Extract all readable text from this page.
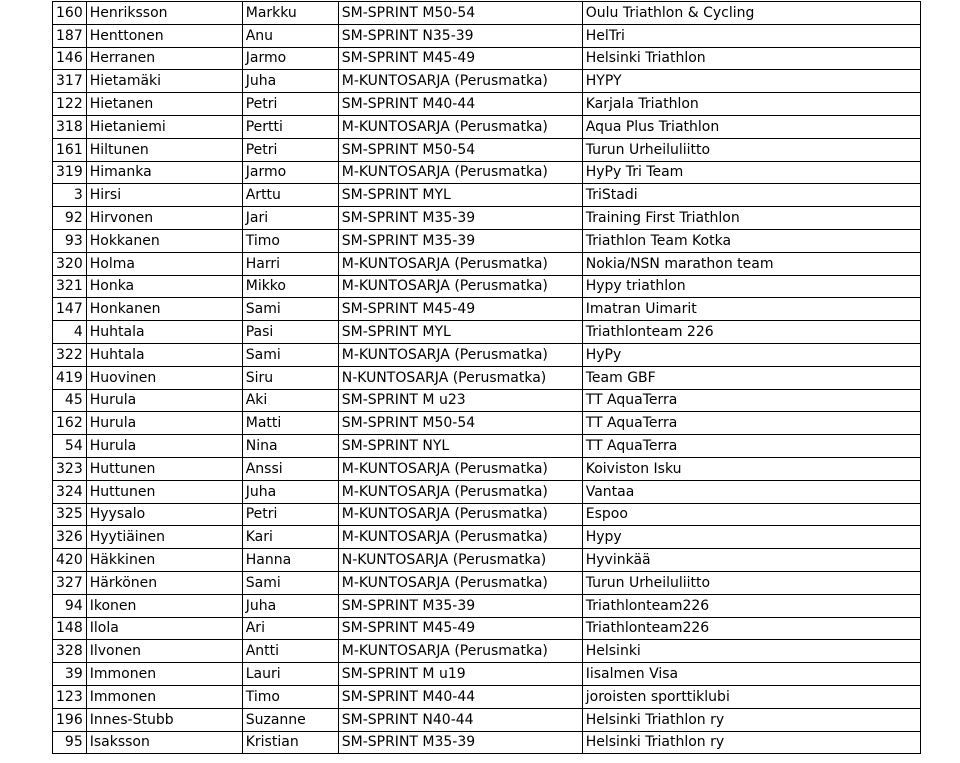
160	Henriksson	Markku	SM-SPRINT M50-54	Oulu Triathlon & Cycling
187	Henttonen	Anu	SM-SPRINT N35-39	HelTri
146	Herranen	Jarmo	SM-SPRINT M45-49	Helsinki Triathlon
317	Hietamäki	Juha	M-KUNTOSARJA (Perusmatka)	HYPY
122	Hietanen	Petri	SM-SPRINT M40-44	Karjala Triathlon
318	Hietaniemi	Pertti	M-KUNTOSARJA (Perusmatka)	Aqua Plus Triathlon
161	Hiltunen	Petri	SM-SPRINT M50-54	Turun Urheiluliitto
319	Himanka	Jarmo	M-KUNTOSARJA (Perusmatka)	HyPy Tri Team
3	Hirsi	Arttu	SM-SPRINT MYL	TriStadi
92	Hirvonen	Jari	SM-SPRINT M35-39	Training First Triathlon
93	Hokkanen	Timo	SM-SPRINT M35-39	Triathlon Team Kotka
320	Holma	Harri	M-KUNTOSARJA (Perusmatka)	Nokia/NSN marathon team
321	Honka	Mikko	M-KUNTOSARJA (Perusmatka)	Hypy triathlon
147	Honkanen	Sami	SM-SPRINT M45-49	Imatran Uimarit
4	Huhtala	Pasi	SM-SPRINT MYL	Triathlonteam 226
322	Huhtala	Sami	M-KUNTOSARJA (Perusmatka)	HyPy
419	Huovinen	Siru	N-KUNTOSARJA (Perusmatka)	Team GBF
45	Hurula	Aki	SM-SPRINT M u23	TT AquaTerra
162	Hurula	Matti	SM-SPRINT M50-54	TT AquaTerra
54	Hurula	Nina	SM-SPRINT NYL	TT AquaTerra
323	Huttunen	Anssi	M-KUNTOSARJA (Perusmatka)	Koiviston Isku
324	Huttunen	Juha	M-KUNTOSARJA (Perusmatka)	Vantaa
325	Hyysalo	Petri	M-KUNTOSARJA (Perusmatka)	Espoo
326	Hyytiäinen	Kari	M-KUNTOSARJA (Perusmatka)	Hypy
420	Häkkinen	Hanna	N-KUNTOSARJA (Perusmatka)	Hyvinkää
327	Härkönen	Sami	M-KUNTOSARJA (Perusmatka)	Turun Urheiluliitto
94	Ikonen	Juha	SM-SPRINT M35-39	Triathlonteam226
148	Ilola	Ari	SM-SPRINT M45-49	Triathlonteam226
328	Ilvonen	Antti	M-KUNTOSARJA (Perusmatka)	Helsinki
39	Immonen	Lauri	SM-SPRINT M u19	Iisalmen Visa
123	Immonen	Timo	SM-SPRINT M40-44	joroisten sporttiklubi
196	Innes-Stubb	Suzanne	SM-SPRINT N40-44	Helsinki Triathlon ry
95	Isaksson	Kristian	SM-SPRINT M35-39	Helsinki Triathlon ry
